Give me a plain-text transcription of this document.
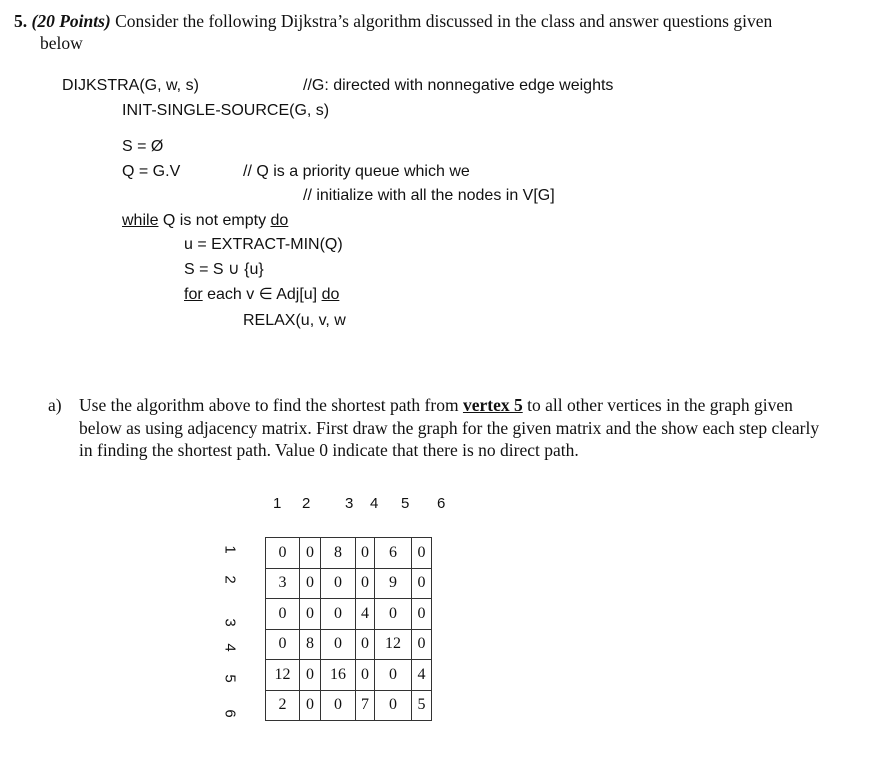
5. (20 Points) Consider the following Dijkstra’s algorithm discussed in the class and answer questions given
below
DIJKSTRA(G, w, s)	//G: directed with nonnegative edge weights
INIT-SINGLE-SOURCE(G, s)
S = Ø
Q = G.V	// Q is a priority queue which we
// initialize with all the nodes in V[G]
while Q is not empty do
u = EXTRACT-MIN(Q)
S = S ∪ {u}
for each v ∈ Adj[u] do
RELAX(u, v, w
a) Use the algorithm above to find the shortest path from vertex 5 to all other vertices in the graph given below as using adjacency matrix. First draw the graph for the given matrix and the show each step clearly in finding the shortest path. Value 0 indicate that there is no direct path.
1 2 3 4 5 6
1
2
3
4
5
6
0	0	8	0	6	0
3	0	0	0	9	0
0	0	0	4	0	0
0	8	0	0	12	0
12	0	16	0	0	4
2	0	0	7	0	5
